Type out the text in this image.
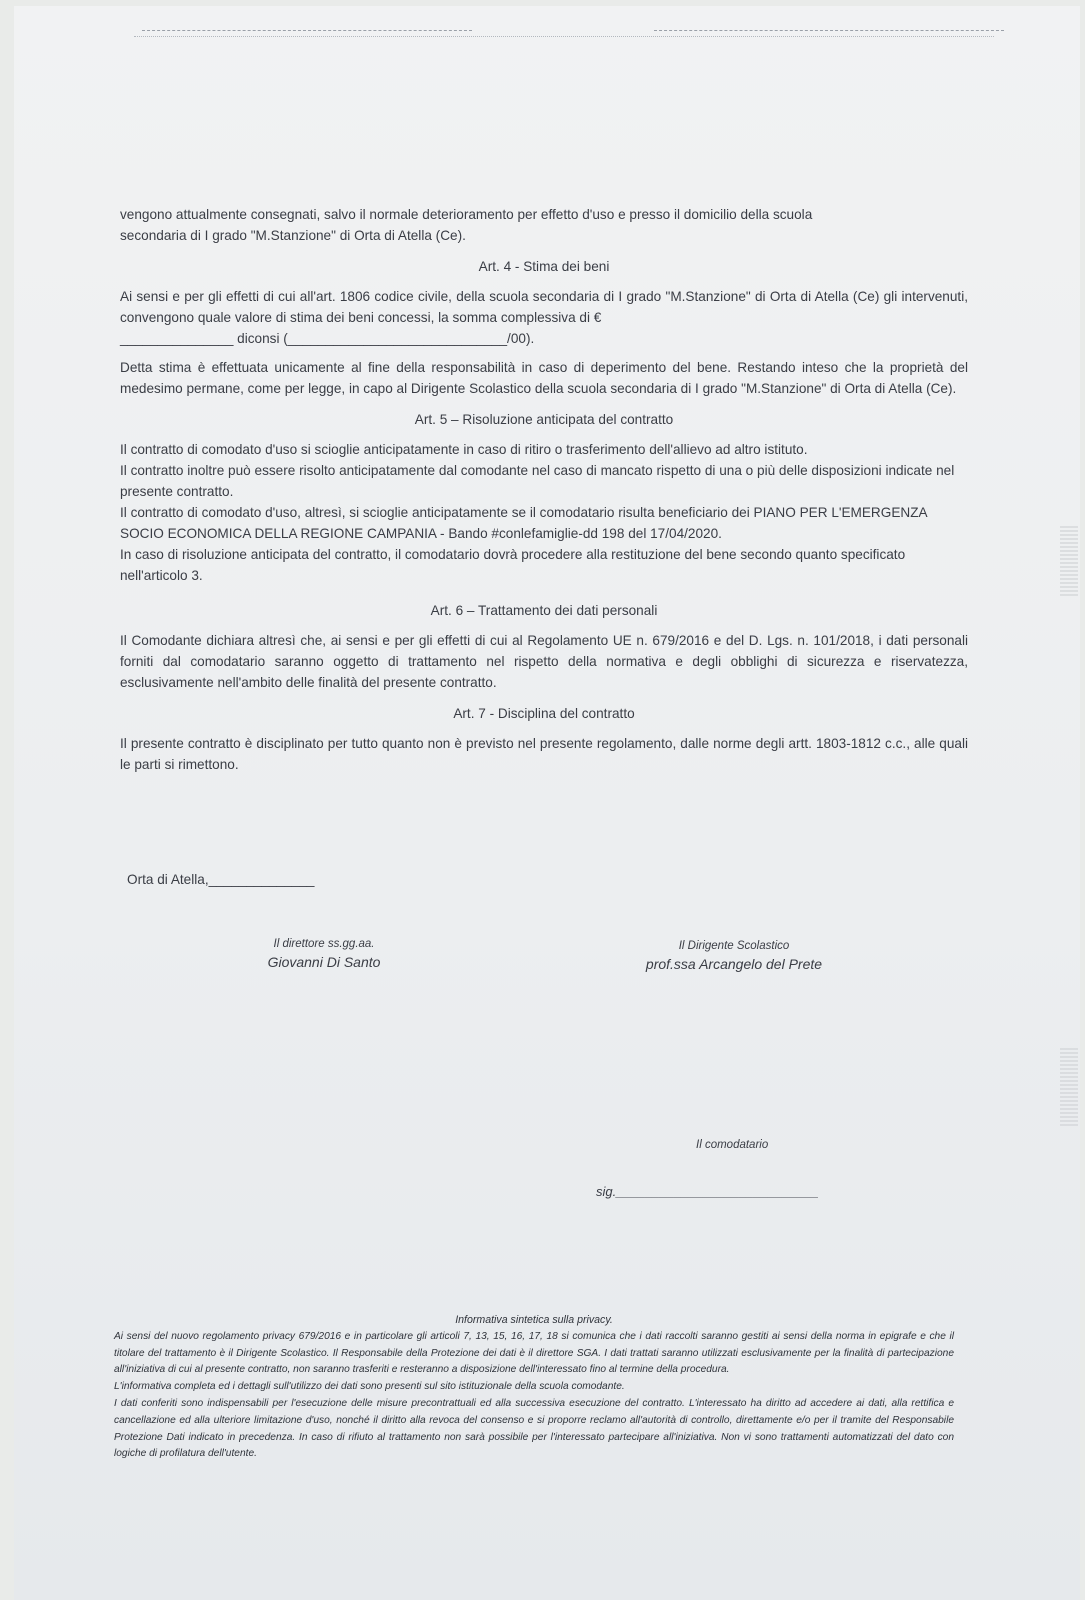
vengono attualmente consegnati, salvo il normale deterioramento per effetto d'uso e presso il domicilio della scuola

secondaria di I grado "M.Stanzione" di Orta di Atella (Ce).

Art. 4 - Stima dei beni

Ai sensi e per gli effetti di cui all'art. 1806 codice civile, della scuola secondaria di I grado "M.Stanzione" di Orta di Atella (Ce) gli intervenuti, convengono quale valore di stima dei beni concessi, la somma complessiva di €

_______________ diconsi (_____________________________/00).

Detta stima è effettuata unicamente al fine della responsabilità in caso di deperimento del bene. Restando inteso che la proprietà del medesimo permane, come per legge, in capo al Dirigente Scolastico della scuola secondaria di I grado "M.Stanzione" di Orta di Atella (Ce).

Art. 5 – Risoluzione anticipata del contratto

Il contratto di comodato d'uso si scioglie anticipatamente in caso di ritiro o trasferimento dell'allievo ad altro istituto.

Il contratto inoltre può essere risolto anticipatamente dal comodante nel caso di mancato rispetto di una o più delle disposizioni indicate nel presente contratto.

Il contratto di comodato d'uso, altresì, si scioglie anticipatamente se il comodatario risulta beneficiario dei PIANO PER L'EMERGENZA SOCIO ECONOMICA DELLA REGIONE CAMPANIA - Bando #conlefamiglie-dd 198 del 17/04/2020.

In caso di risoluzione anticipata del contratto, il comodatario dovrà procedere alla restituzione del bene secondo quanto specificato nell'articolo 3.

Art. 6 – Trattamento dei dati personali

Il Comodante dichiara altresì che, ai sensi e per gli effetti di cui al Regolamento UE n. 679/2016 e del D. Lgs. n. 101/2018, i dati personali forniti dal comodatario saranno oggetto di trattamento nel rispetto della normativa e degli obblighi di sicurezza e riservatezza, esclusivamente nell'ambito delle finalità del presente contratto.

Art. 7 - Disciplina del contratto

Il presente contratto è disciplinato per tutto quanto non è previsto nel presente regolamento, dalle norme degli artt. 1803-1812 c.c., alle quali le parti si rimettono.

Orta di Atella,______________
Il direttore ss.gg.aa.
Giovanni Di Santo
Il Dirigente Scolastico
prof.ssa Arcangelo del Prete
Il comodatario
sig.____________________________
Informativa sintetica sulla privacy.

Ai sensi del nuovo regolamento privacy 679/2016 e in particolare gli articoli 7, 13, 15, 16, 17, 18 si comunica che i dati raccolti saranno gestiti ai sensi della norma in epigrafe e che il titolare del trattamento è il Dirigente Scolastico. Il Responsabile della Protezione dei dati è il direttore SGA. I dati trattati saranno utilizzati esclusivamente per la finalità di partecipazione all'iniziativa di cui al presente contratto, non saranno trasferiti e resteranno a disposizione dell'interessato fino al termine della procedura.

L'informativa completa ed i dettagli sull'utilizzo dei dati sono presenti sul sito istituzionale della scuola comodante.

I dati conferiti sono indispensabili per l'esecuzione delle misure precontrattuali ed alla successiva esecuzione del contratto. L'interessato ha diritto ad accedere ai dati, alla rettifica e cancellazione ed alla ulteriore limitazione d'uso, nonché il diritto alla revoca del consenso e si proporre reclamo all'autorità di controllo, direttamente e/o per il tramite del Responsabile Protezione Dati indicato in precedenza. In caso di rifiuto al trattamento non sarà possibile per l'interessato partecipare all'iniziativa. Non vi sono trattamenti automatizzati del dato con logiche di profilatura dell'utente.
